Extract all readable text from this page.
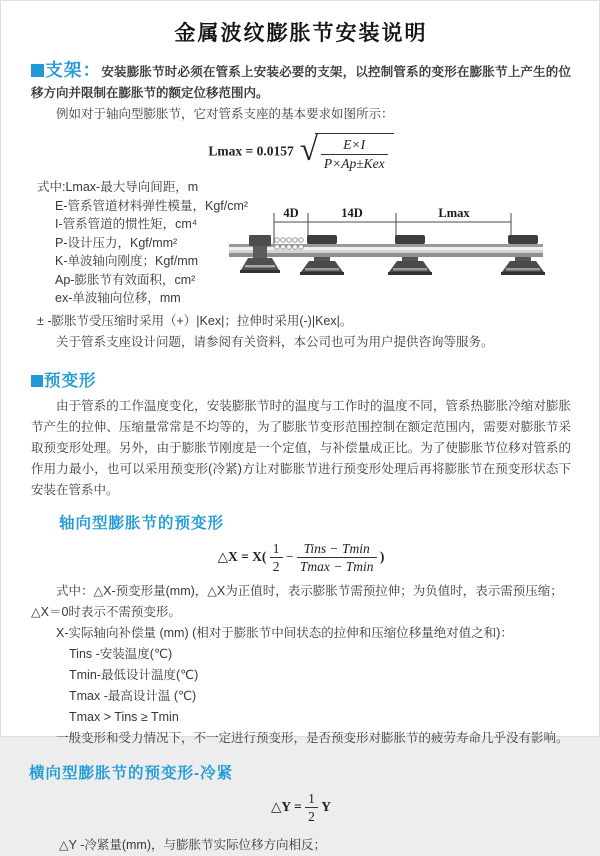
金属波纹膨胀节安装说明

支架：安装膨胀节时必须在管系上安装必要的支架，以控制管系的变形在膨胀节上产生的位移方向并限制在膨胀节的额定位移范围内。

例如对于轴向型膨胀节，它对管系支座的基本要求如图所示：

Lmax = 0.0157 √ $\frac{E\times I}{\text{P×Ap±Kex}}$
式中:Lmax-最大导向间距，m
E-管系管道材料弹性模量，Kgf/cm²
I-管系管道的惯性矩，cm⁴
P-设计压力，Kgf/mm²
K-单波轴向刚度；Kgf/mm
Ap-膨胀节有效面积，cm²
ex-单波轴向位移，mm
4D	14D	Lmax

± -膨胀节受压缩时采用（+）|Kex|；拉伸时采用(-)|Kex|。

关于管系支座设计问题，请参阅有关资料，本公司也可为用户提供咨询等服务。

预变形

由于管系的工作温度变化，安装膨胀节时的温度与工作时的温度不同，管系热膨胀冷缩对膨胀节产生的拉伸、压缩量常常是不均等的，为了膨胀节变形范围控制在额定范围内，需要对膨胀节采取预变形处理。另外，由于膨胀节刚度是一个定值，与补偿量成正比。为了使膨胀节位移对管系的作用力最小，也可以采用预变形(冷紧)方让对膨胀节进行预变形处理后再将膨胀节在预变形状态下安装在管系中。

轴向型膨胀节的预变形
△X = $X( \frac{1}{2} - \frac{\text{Tins − Tmin}}{Tmax - Tmin}$ )

式中：△X-预变形量(mm)，△X为正值时，表示膨胀节需预拉伸；为负值时，表示需预压缩；△X＝0时表示不需预变形。

X-实际轴向补偿量 (mm) (相对于膨胀节中间状态的拉伸和压缩位移量绝对值之和)：

Tins -安装温度(℃)

Tmin-最低设计温度(℃)

Tmax -最高设计温 (℃)

Tmax > Tins ≥ Tmin

一般变形和受力情况下，不一定进行预变形，是否预变形对膨胀节的疲劳寿命几乎没有影响。

横向型膨胀节的预变形-冷紧
△Y = $\frac{1}{2}$ Y

△Y -冷紧量(mm)，与膨胀节实际位移方向相反；
